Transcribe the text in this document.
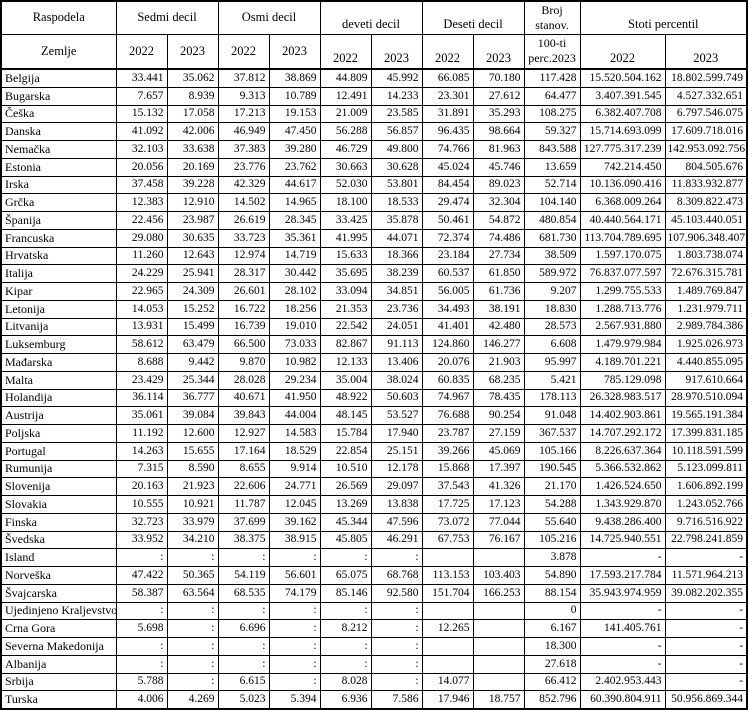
Raspodela	Sedmi decil		Osmi decil		deveti decil		Deseti decil		Broj stanov.	Stoti percentil	
Zemlje	2022	2023	2022	2023	2022	2023	2022	2023	100-ti perc.2023	2022	2023
Belgija	33.441	35.062	37.812	38.869	44.809	45.992	66.085	70.180	117.428	15.520.504.162	18.802.599.749
Bugarska	7.657	8.939	9.313	10.789	12.491	14.233	23.301	27.612	64.477	3.407.391.545	4.527.332.651
Češka	15.132	17.058	17.213	19.153	21.009	23.585	31.891	35.293	108.275	6.382.407.708	6.797.546.075
Danska	41.092	42.006	46.949	47.450	56.288	56.857	96.435	98.664	59.327	15.714.693.099	17.609.718.016
Nemačka	32.103	33.638	37.383	39.280	46.729	49.800	74.766	81.963	843.588	127.775.317.239	142.953.092.756
Estonia	20.056	20.169	23.776	23.762	30.663	30.628	45.024	45.746	13.659	742.214.450	804.505.676
Irska	37.458	39.228	42.329	44.617	52.030	53.801	84.454	89.023	52.714	10.136.090.416	11.833.932.877
Grčka	12.383	12.910	14.502	14.965	18.100	18.533	29.474	32.304	104.140	6.368.009.264	8.309.822.473
Španija	22.456	23.987	26.619	28.345	33.425	35.878	50.461	54.872	480.854	40.440.564.171	45.103.440.051
Francuska	29.080	30.635	33.723	35.361	41.995	44.071	72.374	74.486	681.730	113.704.789.695	107.906.348.407
Hrvatska	11.260	12.643	12.974	14.719	15.633	18.366	23.184	27.734	38.509	1.597.170.075	1.803.738.074
Italija	24.229	25.941	28.317	30.442	35.695	38.239	60.537	61.850	589.972	76.837.077.597	72.676.315.781
Kipar	22.965	24.309	26.601	28.102	33.094	34.851	56.005	61.736	9.207	1.299.755.533	1.489.769.847
Letonija	14.053	15.252	16.722	18.256	21.353	23.736	34.493	38.191	18.830	1.288.713.776	1.231.979.711
Litvanija	13.931	15.499	16.739	19.010	22.542	24.051	41.401	42.480	28.573	2.567.931.880	2.989.784.386
Luksemburg	58.612	63.479	66.500	73.033	82.867	91.113	124.860	146.277	6.608	1.479.979.984	1.925.026.973
Mađarska	8.688	9.442	9.870	10.982	12.133	13.406	20.076	21.903	95.997	4.189.701.221	4.440.855.095
Malta	23.429	25.344	28.028	29.234	35.004	38.024	60.835	68.235	5.421	785.129.098	917.610.664
Holandija	36.114	36.777	40.671	41.950	48.922	50.603	74.967	78.435	178.113	26.328.983.517	28.970.510.094
Austrija	35.061	39.084	39.843	44.004	48.145	53.527	76.688	90.254	91.048	14.402.903.861	19.565.191.384
Poljska	11.192	12.600	12.927	14.583	15.784	17.940	23.787	27.159	367.537	14.707.292.172	17.399.831.185
Portugal	14.263	15.655	17.164	18.529	22.854	25.151	39.266	45.069	105.166	8.226.637.364	10.118.591.599
Rumunija	7.315	8.590	8.655	9.914	10.510	12.178	15.868	17.397	190.545	5.366.532.862	5.123.099.811
Slovenija	20.163	21.923	22.606	24.771	26.569	29.097	37.543	41.326	21.170	1.426.524.650	1.606.892.199
Slovakia	10.555	10.921	11.787	12.045	13.269	13.838	17.725	17.123	54.288	1.343.929.870	1.243.052.766
Finska	32.723	33.979	37.699	39.162	45.344	47.596	73.072	77.044	55.640	9.438.286.400	9.716.516.922
Švedska	33.952	34.210	38.375	38.915	45.805	46.291	67.753	76.167	105.216	14.725.940.551	22.798.241.859
Island	:	:	:	:	:	:			3.878	-	-
Norveška	47.422	50.365	54.119	56.601	65.075	68.768	113.153	103.403	54.890	17.593.217.784	11.571.964.213
Švajcarska	58.387	63.564	68.535	74.179	85.146	92.580	151.704	166.253	88.154	35.943.974.959	39.082.202.355
Ujedinjeno Kraljevstvo	:	:	:	:	:	:			0	-	-
Crna Gora	5.698	:	6.696	:	8.212	:	12.265		6.167	141.405.761	-
Severna Makedonija	:	:	:	:	:	:			18.300	-	-
Albanija	:	:	:	:	:	:			27.618	-	-
Srbija	5.788	:	6.615	:	8.028	:	14.077		66.412	2.402.953.443	-
Turska	4.006	4.269	5.023	5.394	6.936	7.586	17.946	18.757	852.796	60.390.804.911	50.956.869.344
